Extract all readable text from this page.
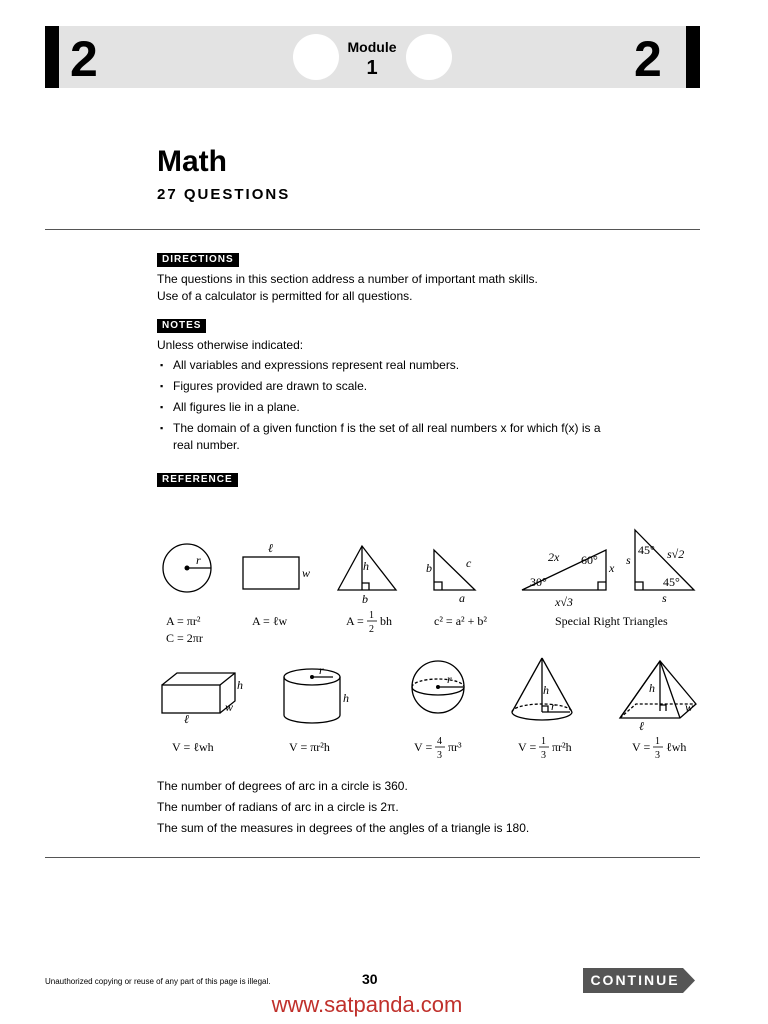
2	2
Module
1
Math
27 QUESTIONS
DIRECTIONS
The questions in this section address a number of important math skills.
Use of a calculator is permitted for all questions.
NOTES
Unless otherwise indicated:
▪ All variables and expressions represent real numbers.
▪ Figures provided are drawn to scale.
▪ All figures lie in a plane.
▪ The domain of a given function f is the set of all real numbers x for which f(x) is a real number.
REFERENCE
r
ℓ
w	h
b
b	c
a
2x 60°
x
30°
x√3
s
45° s√2
45°
s
h
w
ℓ
r
h
r
h
r
h
w
ℓ
A = πr²
C = 2πr
A = ℓw	A = 1
2
bh	c² = a² + b²	Special Right Triangles
V = ℓwh	V = πr²h	V = 4
3
πr³	V = 1
3
πr²h	V = 1
3
ℓwh
The number of degrees of arc in a circle is 360.
The number of radians of arc in a circle is 2π.
The sum of the measures in degrees of the angles of a triangle is 180.
Unauthorized copying or reuse of any part of this page is illegal.	30	CONTINUE
www.satpanda.com
